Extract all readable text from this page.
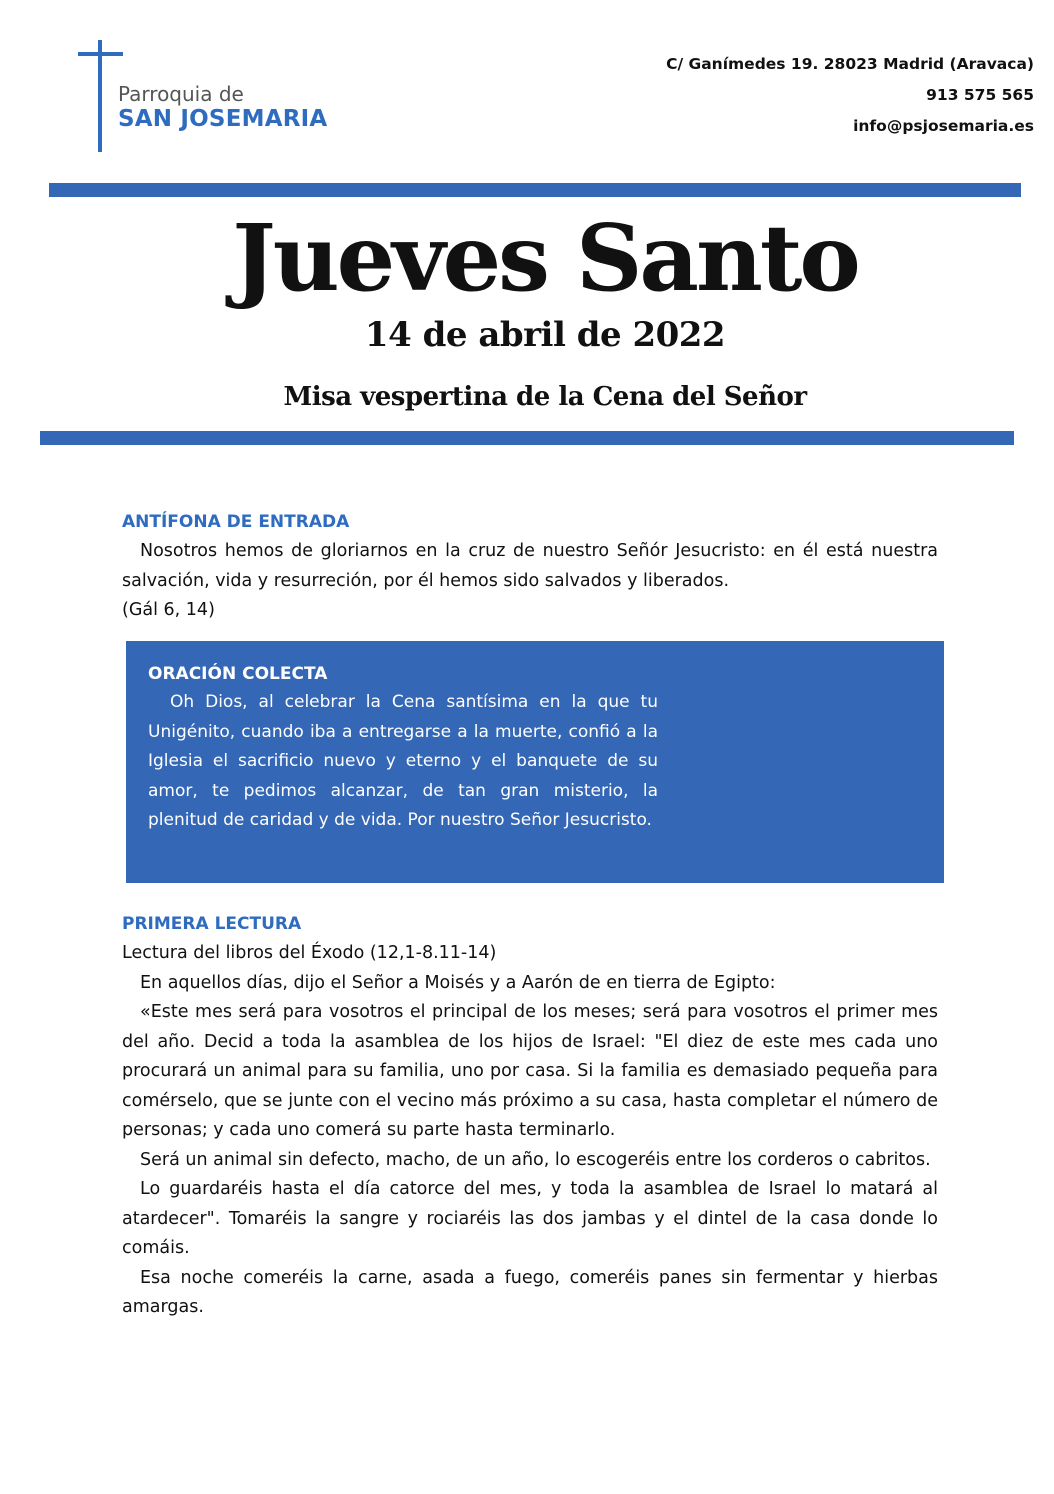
Parroquia de
SAN JOSEMARIA
C/ Ganímedes 19. 28023 Madrid (Aravaca)
913 575 565
info@psjosemaria.es
Jueves Santo
14 de abril de 2022
Misa vespertina de la Cena del Señor
ANTÍFONA DE ENTRADA

Nosotros hemos de gloriarnos en la cruz de nuestro Señór Jesucristo: en él está nuestra salvación, vida y resurreción, por él hemos sido salvados y liberados.

(Gál 6, 14)

ORACIÓN COLECTA

Oh Dios, al celebrar la Cena santísima en la que tu Unigénito, cuando iba a entregarse a la muerte, confió a la Iglesia el sacrificio nuevo y eterno y el banquete de su amor, te pedimos alcanzar, de tan gran misterio, la plenitud de caridad y de vida. Por nuestro Señor Jesucristo.

PRIMERA LECTURA

Lectura del libros del Éxodo (12,1-8.11-14)

En aquellos días, dijo el Señor a Moisés y a Aarón de en tierra de Egipto:

«Este mes será para vosotros el principal de los meses; será para vosotros el primer mes del año. Decid a toda la asamblea de los hijos de Israel: "El diez de este mes cada uno procurará un animal para su familia, uno por casa. Si la familia es demasiado pequeña para comérselo, que se junte con el vecino más próximo a su casa, hasta completar el número de personas; y cada uno comerá su parte hasta terminarlo.

Será un animal sin defecto, macho, de un año, lo escogeréis entre los corderos o cabritos.

Lo guardaréis hasta el día catorce del mes, y toda la asamblea de Israel lo matará al atardecer". Tomaréis la sangre y rociaréis las dos jambas y el dintel de la casa donde lo comáis.

Esa noche comeréis la carne, asada a fuego, comeréis panes sin fermentar y hierbas amargas.
